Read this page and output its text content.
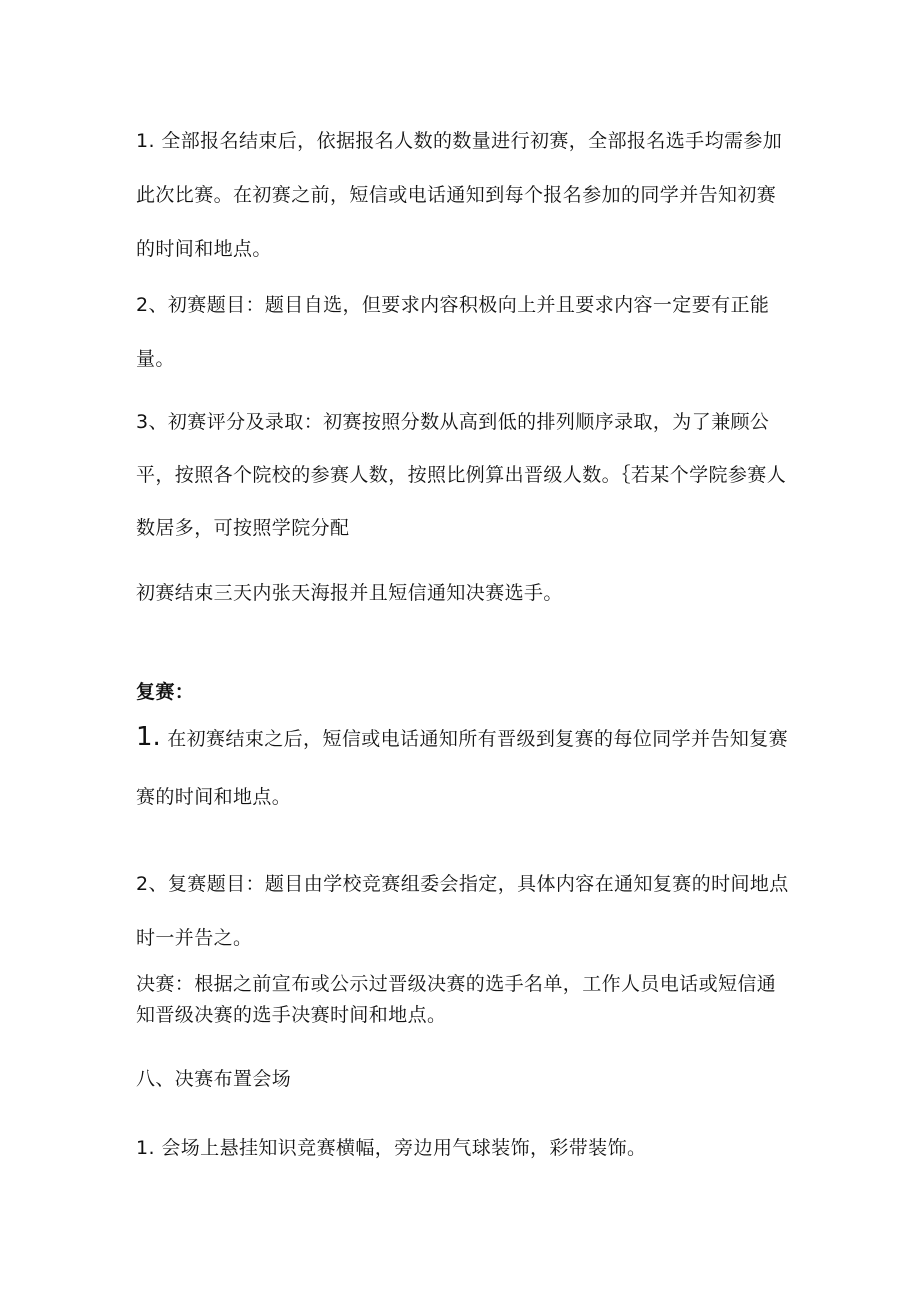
1. 全部报名结束后，依据报名人数的数量进行初赛，全部报名选手均需参加此次比赛。在初赛之前，短信或电话通知到每个报名参加的同学并告知初赛的时间和地点。

2、初赛题目：题目自选，但要求内容积极向上并且要求内容一定要有正能量。

3、初赛评分及录取：初赛按照分数从高到低的排列顺序录取，为了兼顾公平，按照各个院校的参赛人数，按照比例算出晋级人数。｛若某个学院参赛人数居多，可按照学院分配

初赛结束三天内张天海报并且短信通知决赛选手。

复赛：

1. 在初赛结束之后，短信或电话通知所有晋级到复赛的每位同学并告知复赛赛的时间和地点。

2、复赛题目：题目由学校竞赛组委会指定，具体内容在通知复赛的时间地点时一并告之。

决赛：根据之前宣布或公示过晋级决赛的选手名单，工作人员电话或短信通知晋级决赛的选手决赛时间和地点。

八、决赛布置会场

1. 会场上悬挂知识竞赛横幅，旁边用气球装饰，彩带装饰。
